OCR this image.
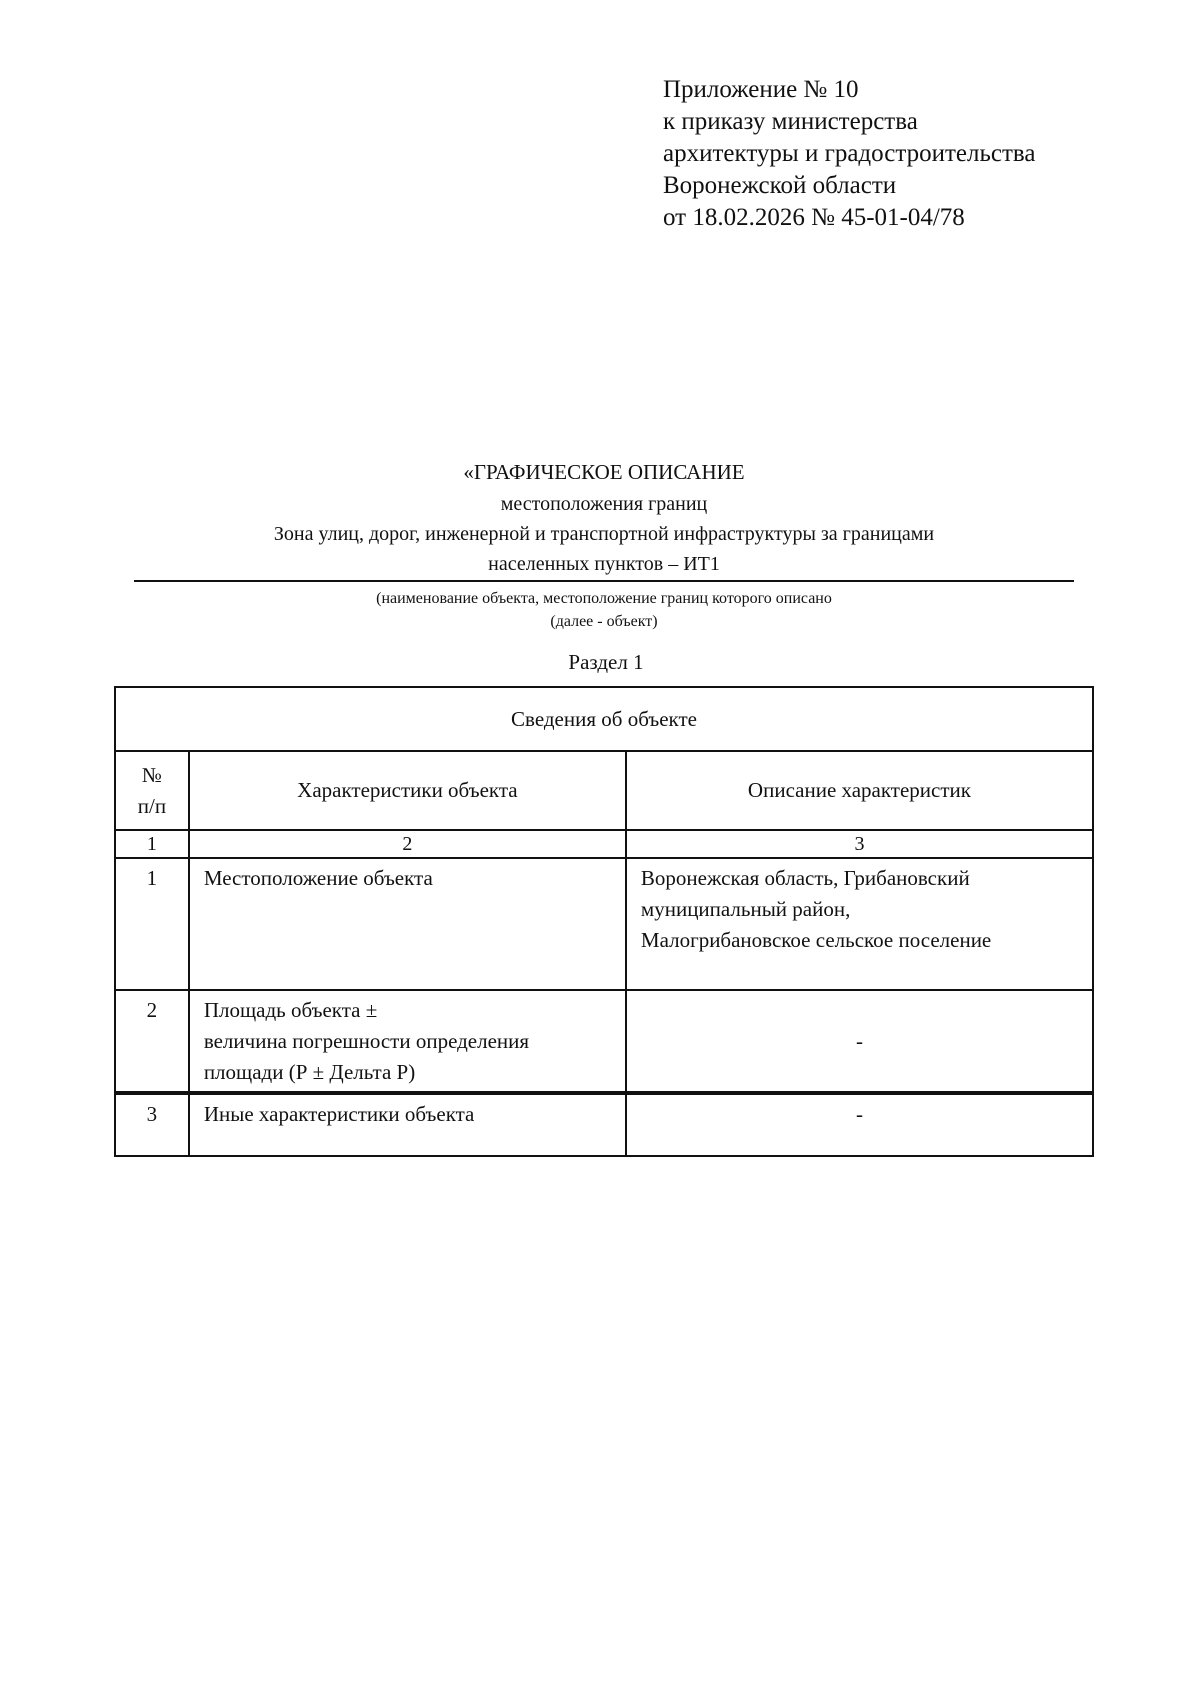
Приложение № 10
к приказу министерства
архитектуры и градостроительства
Воронежской области
от 18.02.2026 № 45-01-04/78
«ГРАФИЧЕСКОЕ ОПИСАНИЕ
местоположения границ
Зона улиц, дорог, инженерной и транспортной инфраструктуры за границами
населенных пунктов – ИТ1
(наименование объекта, местоположение границ которого описано
(далее - объект)
Раздел 1
Сведения об объекте		

№
п/п	Характеристики объекта	Описание характеристик
1	2	3
1	Местоположение объекта	Воронежская область, Грибановский
муниципальный район,
Малогрибановское сельское поселение

2	Площадь объекта ±
величина погрешности определения
площади (Р ± Дельта Р)	-

3	Иные характеристики объекта	-
